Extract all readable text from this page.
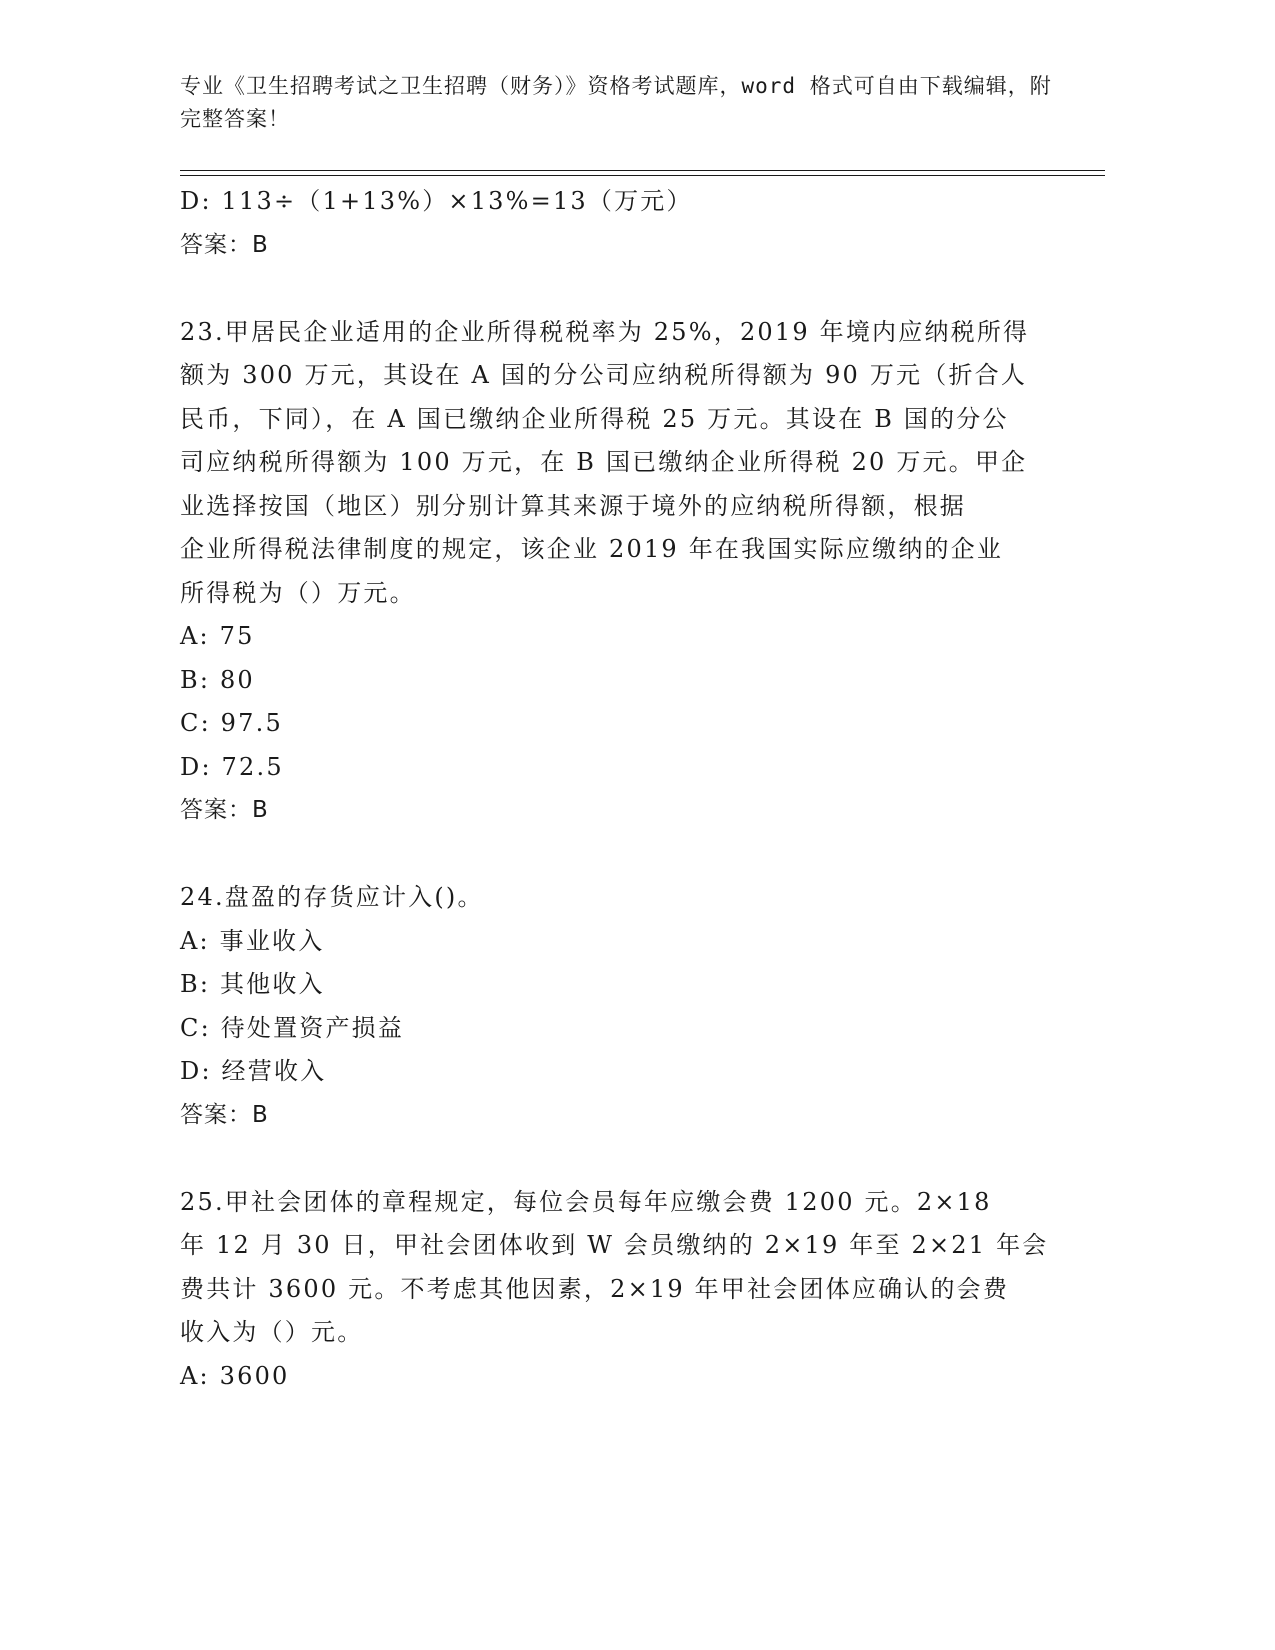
专业《卫生招聘考试之卫生招聘（财务）》资格考试题库，word 格式可自由下载编辑，附完整答案！
D: 113÷（1+13%）×13%=13（万元）
答案：B
23.甲居民企业适用的企业所得税税率为 25%，2019 年境内应纳税所得
额为 300 万元，其设在 A 国的分公司应纳税所得额为 90 万元（折合人
民币，下同），在 A 国已缴纳企业所得税 25 万元。其设在 B 国的分公
司应纳税所得额为 100 万元，在 B 国已缴纳企业所得税 20 万元。甲企
业选择按国（地区）别分别计算其来源于境外的应纳税所得额，根据
企业所得税法律制度的规定，该企业 2019 年在我国实际应缴纳的企业
所得税为（）万元。
A: 75
B: 80
C: 97.5
D: 72.5
答案：B
24.盘盈的存货应计入()。
A: 事业收入
B: 其他收入
C: 待处置资产损益
D: 经营收入
答案：B
25.甲社会团体的章程规定，每位会员每年应缴会费 1200 元。2×18
年 12 月 30 日，甲社会团体收到 W 会员缴纳的 2×19 年至 2×21 年会
费共计 3600 元。不考虑其他因素，2×19 年甲社会团体应确认的会费
收入为（）元。
A: 3600
